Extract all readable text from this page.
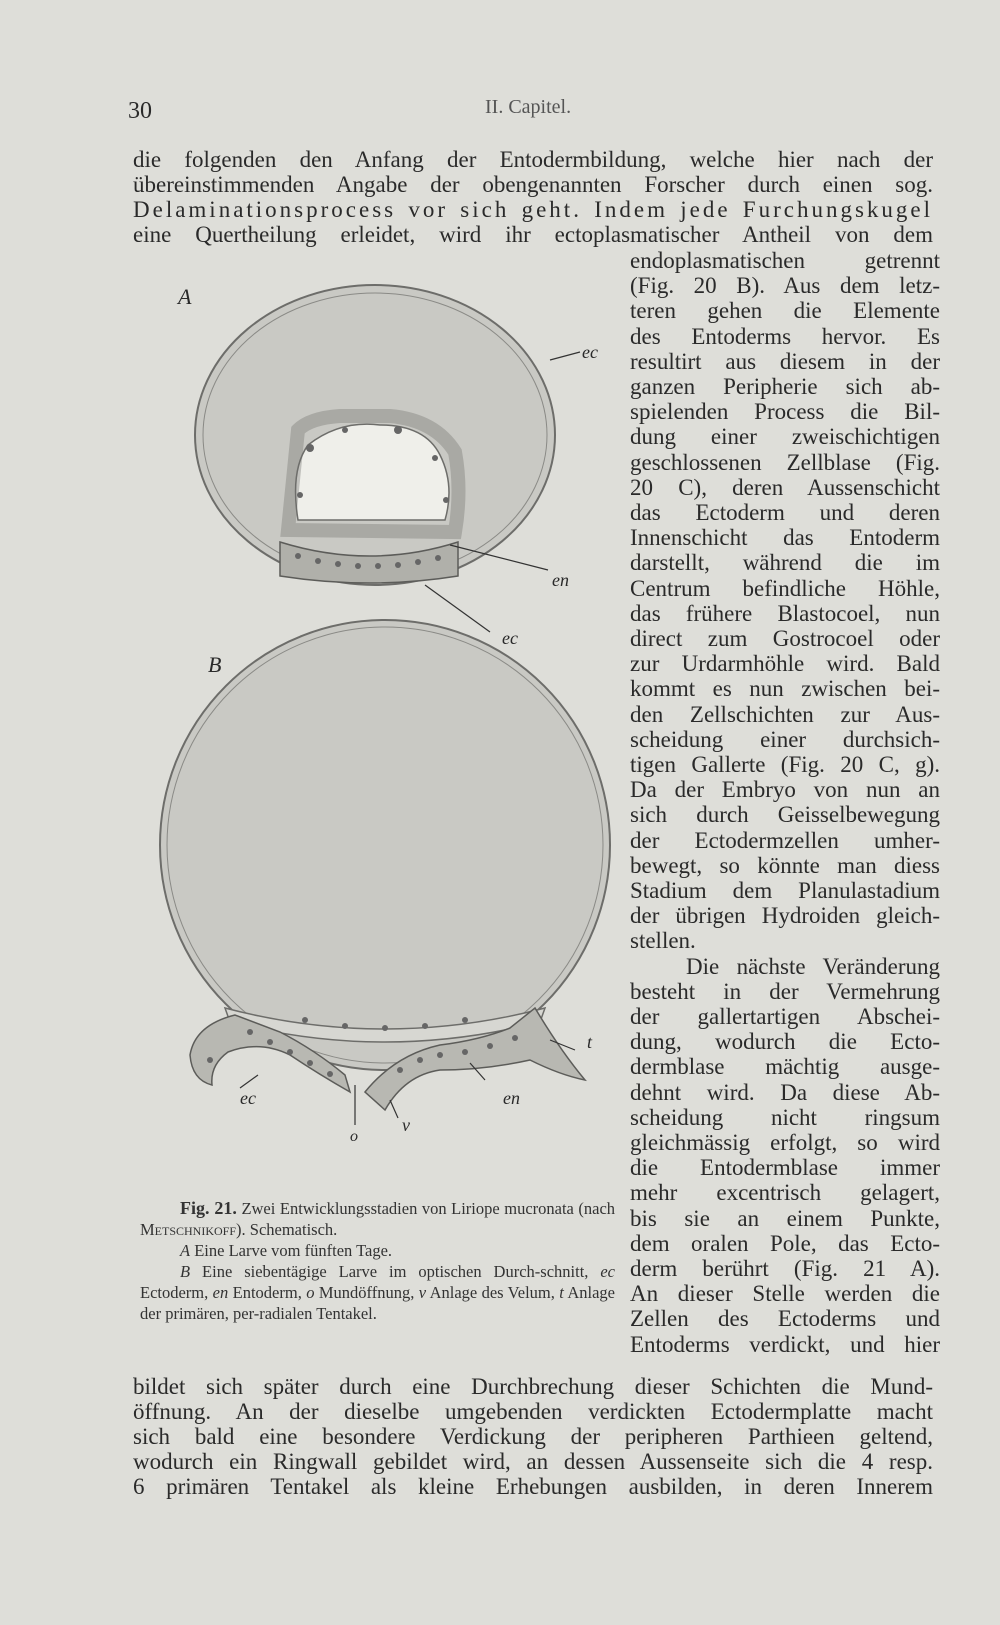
30	II. Capitel.
die folgenden den Anfang der Entodermbildung, welche hier nach der
übereinstimmenden Angabe der obengenannten Forscher durch einen sog.
Delaminationsprocess vor sich geht. Indem jede Furchungskugel
eine Quertheilung erleidet, wird ihr ectoplasmatischer Antheil von dem
endoplasmatischen getrennt
(Fig. 20 B). Aus dem letz-
teren gehen die Elemente
des Entoderms hervor. Es
resultirt aus diesem in der
ganzen Peripherie sich ab-
spielenden Process die Bil-
dung einer zweischichtigen
geschlossenen Zellblase (Fig.
20 C), deren Aussenschicht
das Ectoderm und deren
Innenschicht das Entoderm
darstellt, während die im
Centrum befindliche Höhle,
das frühere Blastocoel, nun
direct zum Gostrocoel oder
zur Urdarmhöhle wird. Bald
kommt es nun zwischen bei-
den Zellschichten zur Aus-
scheidung einer durchsich-
tigen Gallerte (Fig. 20 C, g).
Da der Embryo von nun an
sich durch Geisselbewegung
der Ectodermzellen umher-
bewegt, so könnte man diess
Stadium dem Planulastadium
der übrigen Hydroiden gleich-
stellen.
Die nächste Veränderung
besteht in der Vermehrung
der gallertartigen Abschei-
dung, wodurch die Ecto-
dermblase mächtig ausge-
dehnt wird. Da diese Ab-
scheidung nicht ringsum
gleichmässig erfolgt, so wird
die Entodermblase immer
mehr excentrisch gelagert,
bis sie an einem Punkte,
dem oralen Pole, das Ecto-
derm berührt (Fig. 21 A).
An dieser Stelle werden die
Zellen des Ectoderms und
Entoderms verdickt, und hier
bildet sich später durch eine Durchbrechung dieser Schichten die Mund-
öffnung. An der dieselbe umgebenden verdickten Ectodermplatte macht
sich bald eine besondere Verdickung der peripheren Parthieen geltend,
wodurch ein Ringwall gebildet wird, an dessen Aussenseite sich die 4 resp.
6 primären Tentakel als kleine Erhebungen ausbilden, in deren Innerem
A
ec
en
ec
B
t
ec	en
v
o
Fig. 21. Zwei Entwicklungsstadien von Liriope mucronata (nach Metschnikoff). Schematisch.
A Eine Larve vom fünften Tage.
B Eine siebentägige Larve im optischen Durch-schnitt, ec Ectoderm, en Entoderm, o Mundöffnung, v Anlage des Velum, t Anlage der primären, per-radialen Tentakel.
